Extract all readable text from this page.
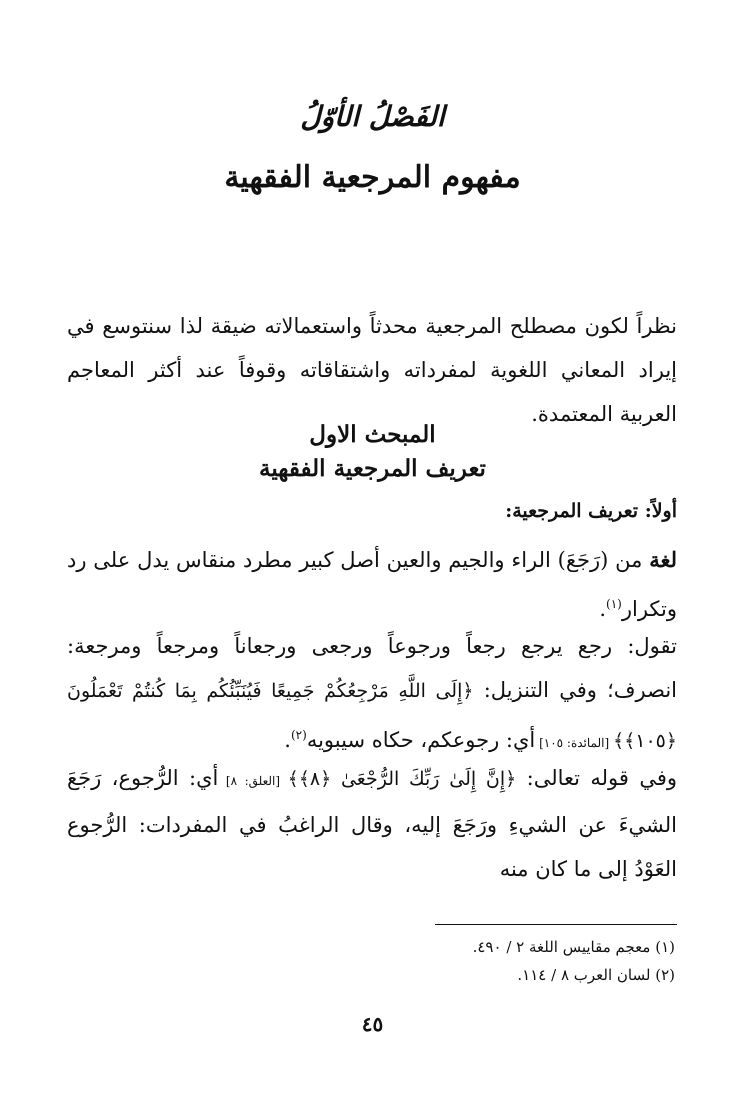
الفَصْلُ الأوّلُ
مفهوم المرجعية الفقهية
نظراً لكون مصطلح المرجعية محدثاً واستعمالاته ضيقة لذا سنتوسع في إيراد المعاني اللغوية لمفرداته واشتقاقاته وقوفاً عند أكثر المعاجم العربية المعتمدة.
المبحث الاول
تعريف المرجعية الفقهية
أولاً: تعريف المرجعية:
لغة من (رَجَعَ) الراء والجيم والعين أصل كبير مطرد منقاس يدل على رد وتكرار$^{(١)}$.
تقول: رجع يرجع رجعاً ورجوعاً ورجعى ورجعاناً ومرجعاً ومرجعة: انصرف؛ وفي التنزيل: ﴿إِلَى اللَّهِ مَرْجِعُكُمْ جَمِيعًا فَيُنَبِّئُكُم بِمَا كُنتُمْ تَعْمَلُونَ ﴿١٠٥﴾﴾ [المائدة: ١٠٥] أي: رجوعكم، حكاه سيبويه$^{(٢)}$.
وفي قوله تعالى: ﴿إِنَّ إِلَىٰ رَبِّكَ الرُّجْعَىٰ ﴿٨﴾﴾ [العلق: ٨] أي: الرُّجوع، رَجَعَ الشيءَ عن الشيءِ ورَجَعَ إليه، وقال الراغبُ في المفردات: الرُّجوع العَوْدُ إلى ما كان منه
(١) معجم مقاييس اللغة ٢ / ٤٩٠.
(٢) لسان العرب ٨ / ١١٤.
٤٥
